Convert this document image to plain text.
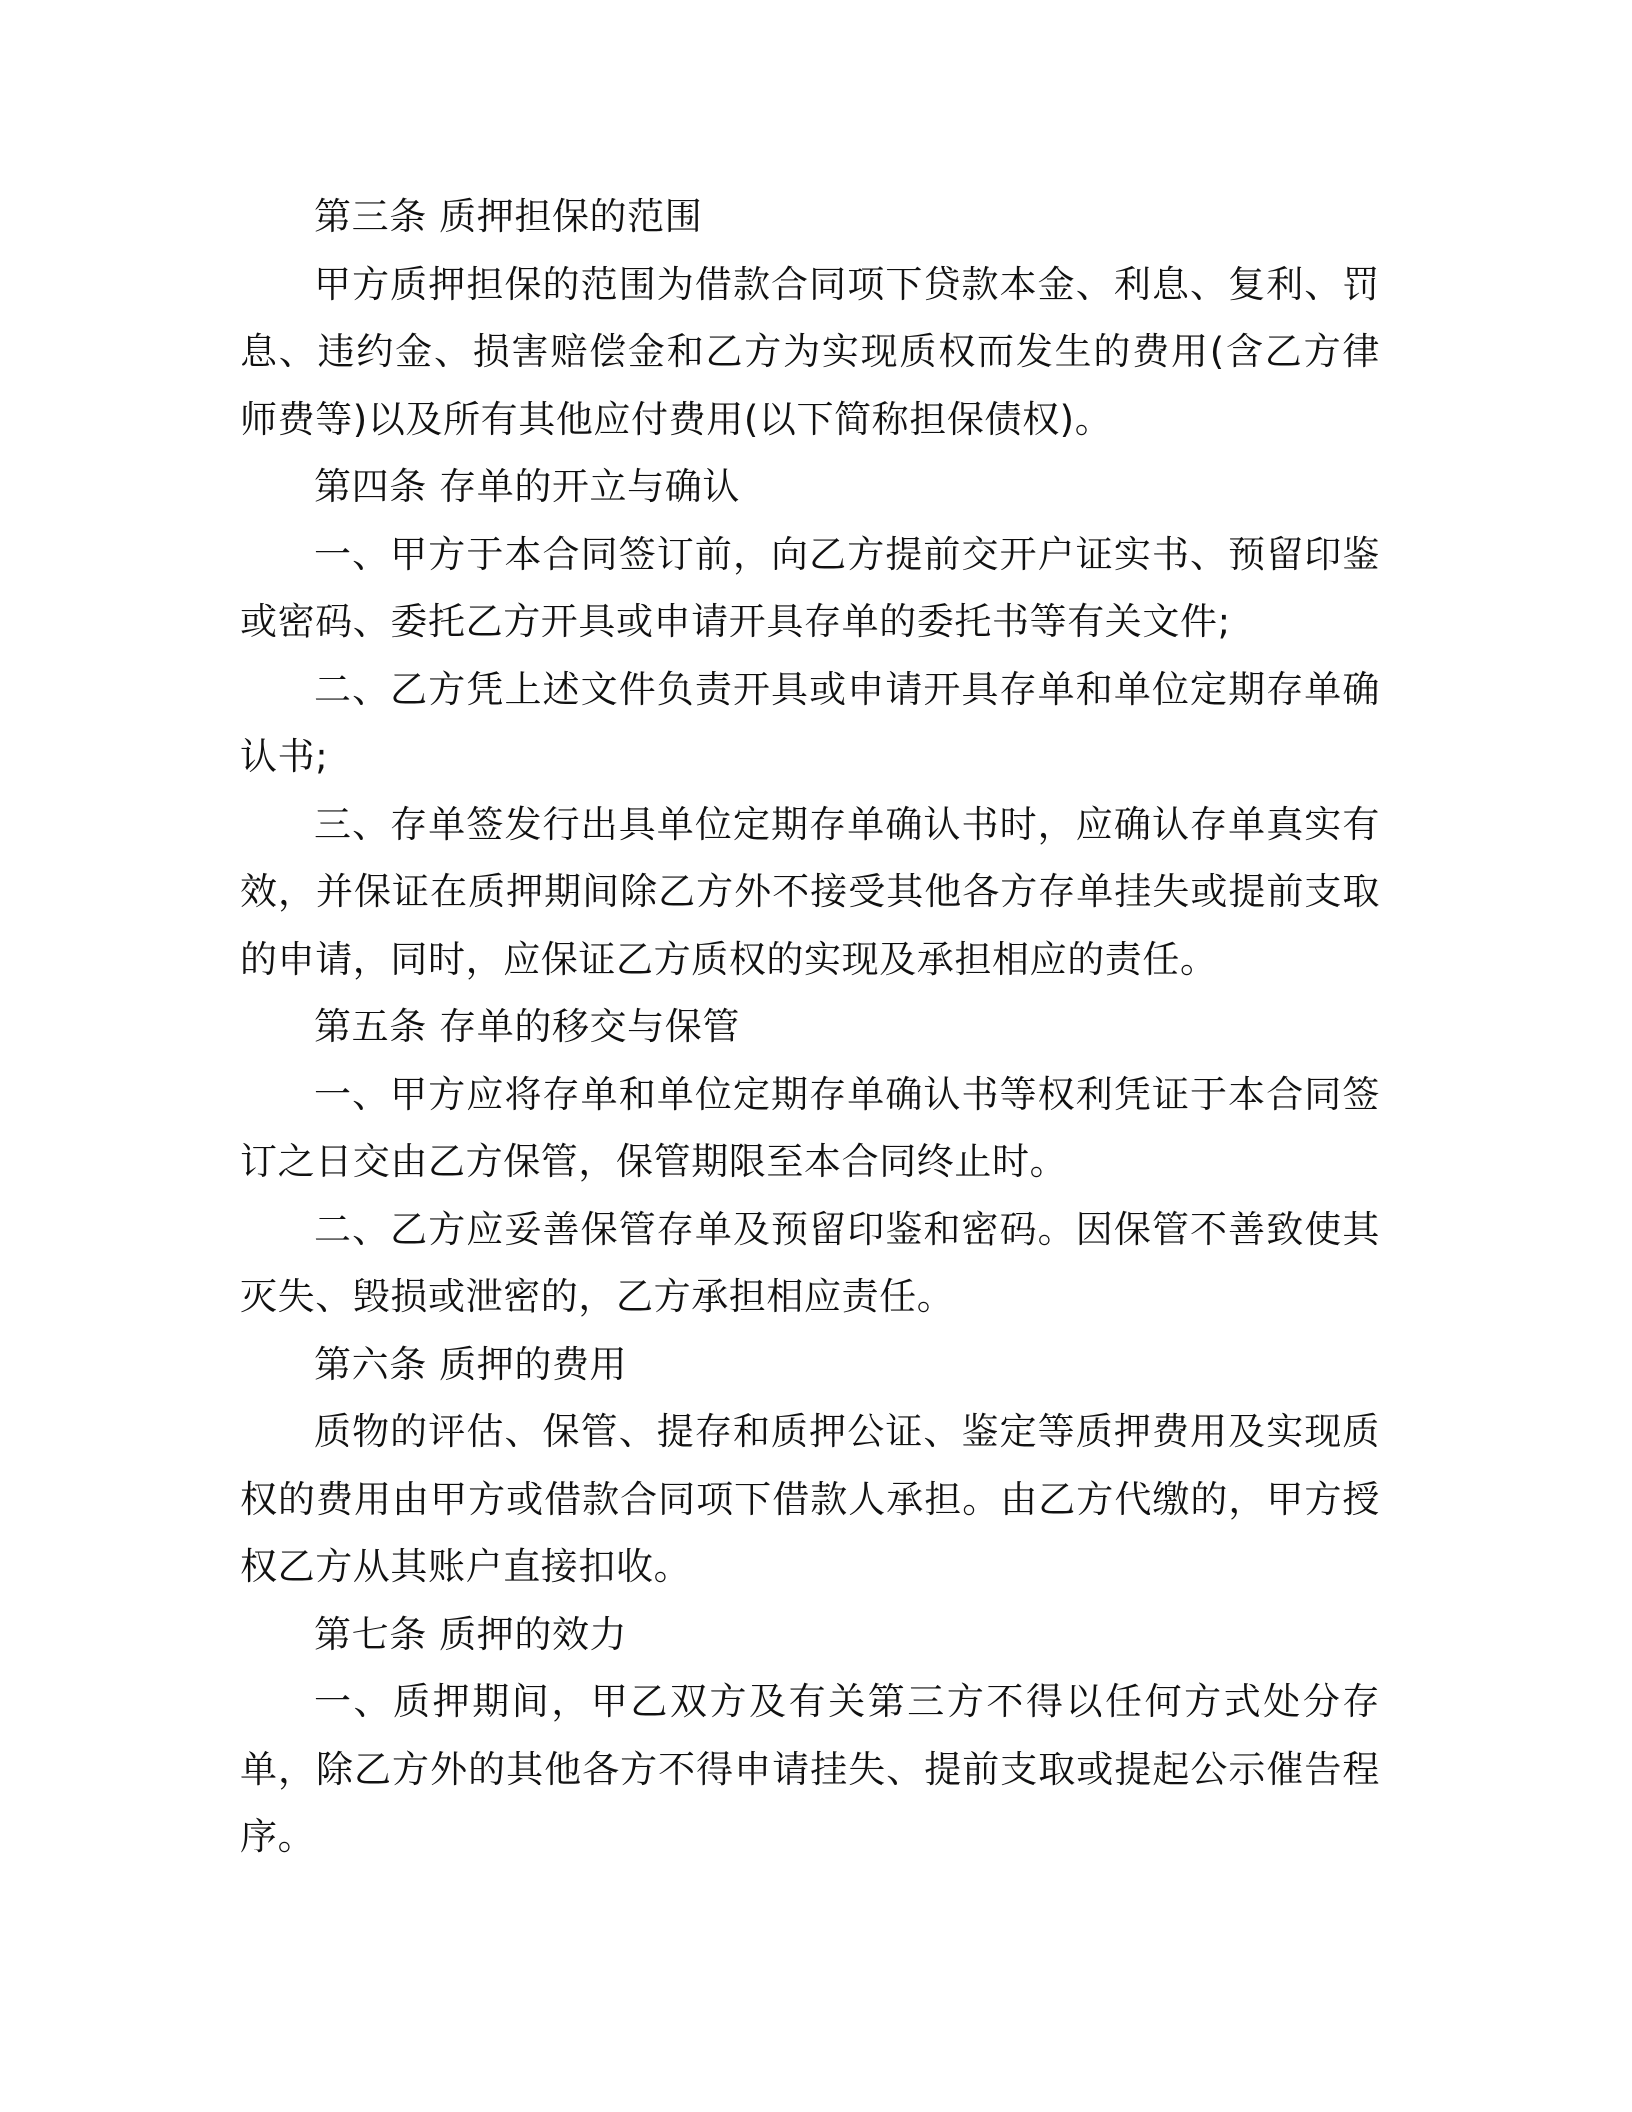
第三条 质押担保的范围

甲方质押担保的范围为借款合同项下贷款本金、利息、复利、罚息、违约金、损害赔偿金和乙方为实现质权而发生的费用(含乙方律师费等)以及所有其他应付费用(以下简称担保债权)。

第四条 存单的开立与确认

一、甲方于本合同签订前，向乙方提前交开户证实书、预留印鉴或密码、委托乙方开具或申请开具存单的委托书等有关文件;

二、乙方凭上述文件负责开具或申请开具存单和单位定期存单确认书;

三、存单签发行出具单位定期存单确认书时，应确认存单真实有效，并保证在质押期间除乙方外不接受其他各方存单挂失或提前支取的申请，同时，应保证乙方质权的实现及承担相应的责任。

第五条 存单的移交与保管

一、甲方应将存单和单位定期存单确认书等权利凭证于本合同签订之日交由乙方保管，保管期限至本合同终止时。

二、乙方应妥善保管存单及预留印鉴和密码。因保管不善致使其灭失、毁损或泄密的，乙方承担相应责任。

第六条 质押的费用

质物的评估、保管、提存和质押公证、鉴定等质押费用及实现质权的费用由甲方或借款合同项下借款人承担。由乙方代缴的，甲方授权乙方从其账户直接扣收。

第七条 质押的效力

一、质押期间，甲乙双方及有关第三方不得以任何方式处分存单，除乙方外的其他各方不得申请挂失、提前支取或提起公示催告程序。
